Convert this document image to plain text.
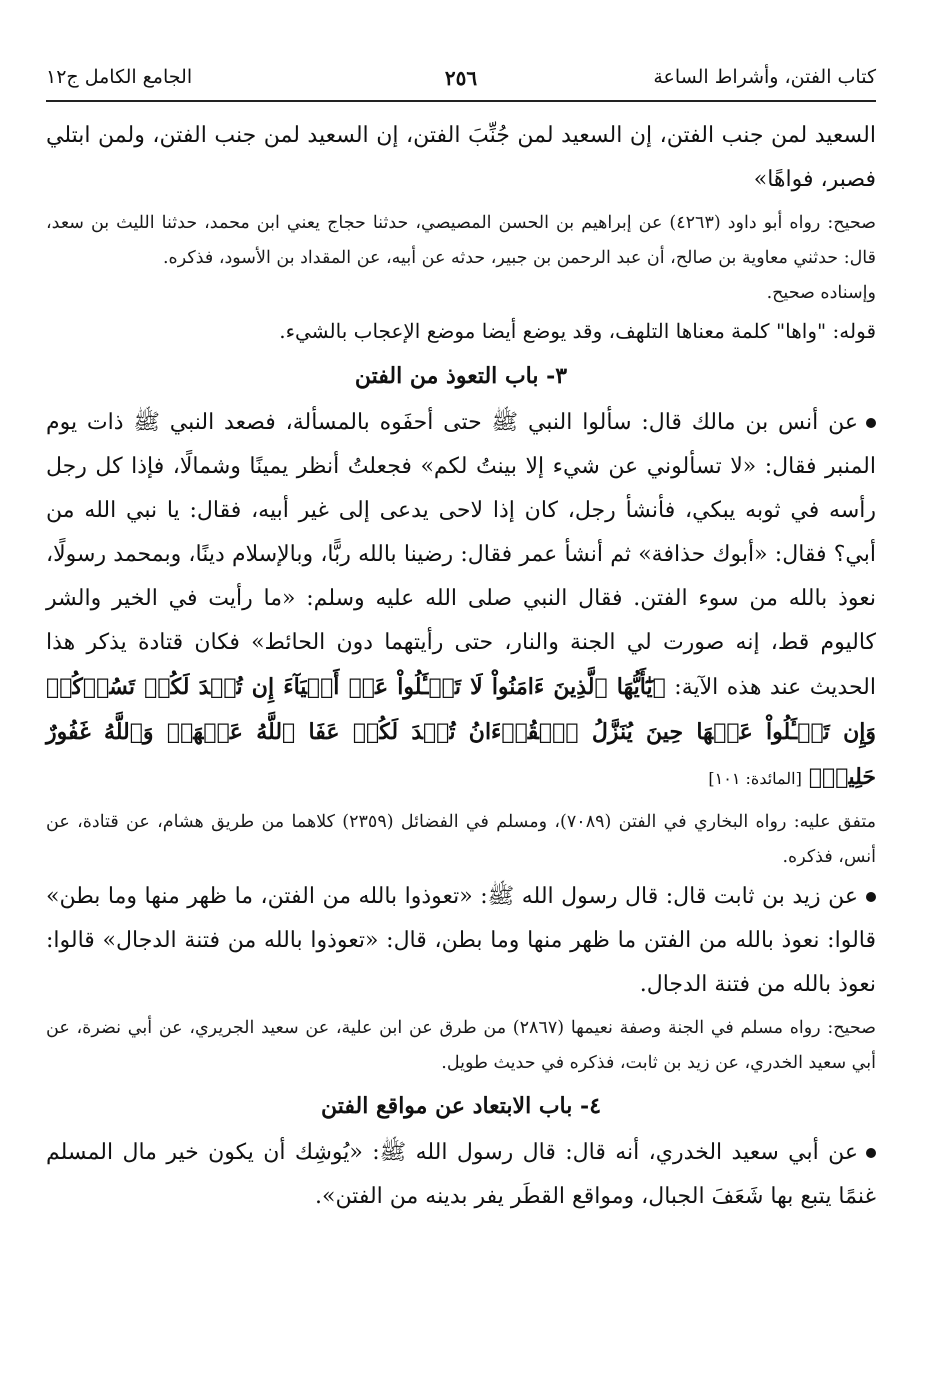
كتاب الفتن، وأشراط الساعة
٢٥٦
الجامع الكامل ج١٢

السعيد لمن جنب الفتن، إن السعيد لمن جُنِّبَ الفتن، إن السعيد لمن جنب الفتن، ولمن ابتلي فصبر، فواهًا»

صحيح: رواه أبو داود (٤٢٦٣) عن إبراهيم بن الحسن المصيصي، حدثنا حجاج يعني ابن محمد، حدثنا الليث بن سعد، قال: حدثني معاوية بن صالح، أن عبد الرحمن بن جبير، حدثه عن أبيه، عن المقداد بن الأسود، فذكره.

وإسناده صحيح.

قوله: "واها" كلمة معناها التلهف، وقد يوضع أيضا موضع الإعجاب بالشيء.

٣- باب التعوذ من الفتن

عن أنس بن مالك قال: سألوا النبي ﷺ حتى أحفَوه بالمسألة، فصعد النبي ﷺ ذات يوم المنبر فقال: «لا تسألوني عن شيء إلا بينتُ لكم» فجعلتُ أنظر يمينًا وشمالًا، فإذا كل رجل رأسه في ثوبه يبكي، فأنشأ رجل، كان إذا لاحى يدعى إلى غير أبيه، فقال: يا نبي الله من أبي؟ فقال: «أبوك حذافة» ثم أنشأ عمر فقال: رضينا بالله ربًّا، وبالإسلام دينًا، وبمحمد رسولًا، نعوذ بالله من سوء الفتن. فقال النبي صلى الله عليه وسلم: «ما رأيت في الخير والشر كاليوم قط، إنه صورت لي الجنة والنار، حتى رأيتهما دون الحائط» فكان قتادة يذكر هذا الحديث عند هذه الآية: ﴿يَٰٓأَيُّهَا ٱلَّذِينَ ءَامَنُواْ لَا تَسۡـَٔلُواْ عَنۡ أَشۡيَآءَ إِن تُبۡدَ لَكُمۡ تَسُؤۡكُمۡ وَإِن تَسۡـَٔلُواْ عَنۡهَا حِينَ يُنَزَّلُ ٱلۡقُرۡءَانُ تُبۡدَ لَكُمۡ عَفَا ٱللَّهُ عَنۡهَاۗ وَٱللَّهُ غَفُورٌ حَلِيمٞ﴾ [المائدة: ١٠١]

متفق عليه: رواه البخاري في الفتن (٧٠٨٩)، ومسلم في الفضائل (٢٣٥٩) كلاهما من طريق هشام، عن قتادة، عن أنس، فذكره.

عن زيد بن ثابت قال: قال رسول الله ﷺ: «تعوذوا بالله من الفتن، ما ظهر منها وما بطن» قالوا: نعوذ بالله من الفتن ما ظهر منها وما بطن، قال: «تعوذوا بالله من فتنة الدجال» قالوا: نعوذ بالله من فتنة الدجال.

صحيح: رواه مسلم في الجنة وصفة نعيمها (٢٨٦٧) من طرق عن ابن علية، عن سعيد الجريري، عن أبي نضرة، عن أبي سعيد الخدري، عن زيد بن ثابت، فذكره في حديث طويل.

٤- باب الابتعاد عن مواقع الفتن

عن أبي سعيد الخدري، أنه قال: قال رسول الله ﷺ: «يُوشِك أن يكون خير مال المسلم غنمًا يتبع بها شَعَفَ الجبال، ومواقع القطَر يفر بدينه من الفتن».
